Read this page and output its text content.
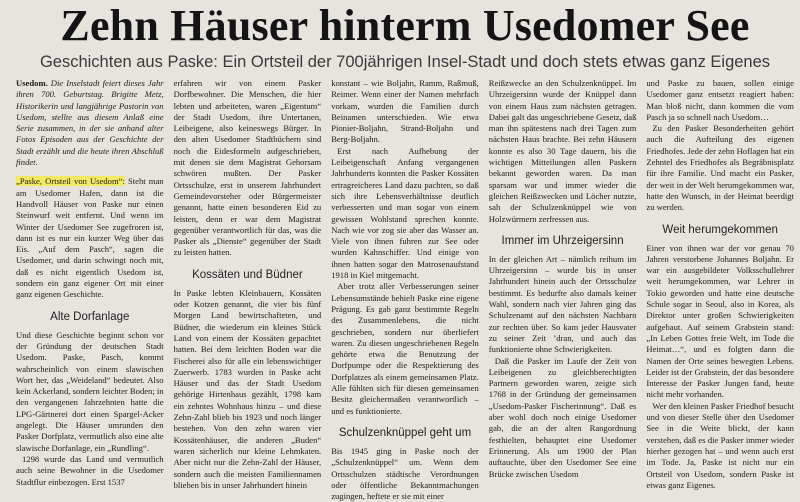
Zehn Häuser hinterm Usedomer See
Geschichten aus Paske: Ein Ortsteil der 700jährigen Insel-Stadt und doch stets etwas ganz Eigenes

Usedom. Die Inselstadt feiert dieses Jahr ihren 700. Geburtstag. Brigitte Metz, Historikerin und langjährige Pastorin von Usedom, stellte aus diesem Anlaß eine Serie zusammen, in der sie anhand alter Fotos Episoden aus der Geschichte der Stadt erzählt und die heute ihren Abschluß findet.

„Paske, Ortsteil von Usedom“: Steht man am Usedomer Hafen, dann ist die Handvoll Häuser von Paske nur einen Steinwurf weit entfernt. Und wenn im Winter der Usedomer See zugefroren ist, dann ist es nur ein kurzer Weg über das Eis. „Auf dem Pasch“, sagen die Usedomer, und darin schwingt noch mit, daß es nicht eigentlich Usedom ist, sondern ein ganz eigener Ort mit einer ganz eigenen Geschichte.

Alte Dorfanlage

Und diese Geschichte beginnt schon vor der Gründung der deutschen Stadt Usedom. Paske, Pasch, kommt wahrscheinlich von einem slawischen Wort her, das „Weideland“ bedeutet. Also kein Ackerland, sondern leichter Boden; in den vergangenen Jahrzehnten hatte die LPG-Gärtnerei dort einen Spargel-Acker angelegt. Die Häuser umrunden den Pasker Dorfplatz, vermutlich also eine alte slawische Dorfanlage, ein „Rundling“.

1298 wurde das Land und vermutlich auch seine Bewohner in die Usedomer Stadtflur einbezogen. Erst 1537

erfahren wir von einem Pasker Dorfbewohner. Die Menschen, die hier lebten und arbeiteten, waren „Eigentum“ der Stadt Usedom, ihre Untertanen, Leibeigene, also keineswegs Bürger. In den alten Usedomer Stadtbüchern sind noch die Eidesformeln aufgeschrieben, mit denen sie dem Magistrat Gehorsam schwören mußten. Der Pasker Ortsschulze, erst in unserem Jahrhundert Gemeindevorsteher oder Bürgermeister genannt, hatte einen besonderen Eid zu leisten, denn er war dem Magistrat gegenüber verantwortlich für das, was die Pasker als „Dienste“ gegenüber der Stadt zu leisten hatten.

Kossäten und Büdner

In Paske lebten Kleinbauern, Kossäten oder Kotzen genannt, die vier bis fünf Morgen Land bewirtschafteten, und Büdner, die wiederum ein kleines Stück Land von einem der Kossäten gepachtet hatten. Bei dem leichten Boden war die Fischerei also für alle ein lebenswichtiger Zuerwerb. 1783 wurden in Paske acht Häuser und das der Stadt Usedom gehörige Hirtenhaus gezählt, 1798 kam ein zehntes Wohnhaus hinzu – und diese Zehn-Zahl blieb bis 1923 und noch länger bestehen. Von den zehn waren vier Kossätenhäuser, die anderen „Buden“ waren sicherlich nur kleine Lehmkaten. Aber nicht nur die Zehn-Zahl der Häuser, sondern auch die meisten Familiennamen blieben bis in unser Jahrhundert hinein

konstant – wie Boljahn, Ramm, Raßmuß, Reimer. Wenn einer der Namen mehrfach vorkam, wurden die Familien durch Beinamen unterschieden. Wie etwa Pionier-Boljahn, Strand-Boljahn und Berg-Boljahn.

Erst nach Aufhebung der Leibeigenschaft Anfang vergangenen Jahrhunderts konnten die Pasker Kossäten ertragreicheres Land dazu pachten, so daß sich ihre Lebensverhältnisse deutlich verbesserten und man sogar von einem gewissen Wohlstand sprechen konnte. Nach wie vor zog sie aber das Wasser an. Viele von ihnen fuhren zur See oder wurden Kahnschiffer. Und einige von ihnen hatten sogar den Matrosenaufstand 1918 in Kiel mitgemacht.

Aber trotz aller Verbesserungen seiner Lebensumstände behielt Paske eine eigene Prägung. Es gab ganz bestimmte Regeln des Zusammenlebens, die nicht geschrieben, sondern nur überliefert waren. Zu diesen ungeschriebenen Regeln gehörte etwa die Benutzung der Dorfpumpe oder die Respektierung des Dorfplatzes als einem gemeinsamen Platz. Alle fühlten sich für diesen gemeinsamen Besitz gleichermaßen verantwortlich – und es funktionierte.

Schulzenknüppel geht um

Bis 1945 ging in Paske noch der „Schulzenknüppel“ um. Wenn dem Ortsschulzen städtische Verordnungen oder öffentliche Bekanntmachungen zugingen, heftete er sie mit einer

Reißzwecke an den Schulzenknüppel. Im Uhrzeigersinn wurde der Knüppel dann von einem Haus zum nächsten getragen. Dabei galt das ungeschriebene Gesetz, daß man ihn spätestens nach drei Tagen zum nächsten Haus brachte. Bei zehn Häusern konnte es also 30 Tage dauern, bis die wichtigen Mitteilungen allen Paskern bekannt geworden waren. Da man sparsam war und immer wieder die gleichen Reißzwecken und Löcher nutzte, sah der Schulzenknüppel wie von Holzwürmern zerfressen aus.

Immer im Uhrzeigersinn

In der gleichen Art – nämlich reihum im Uhrzeigersinn – wurde bis in unser Jahrhundert hinein auch der Ortsschulze bestimmt. Es bedurfte also damals keiner Wahl, sondern nach vier Jahren ging das Schulzenamt auf den nächsten Nachbarn zur rechten über. So kam jeder Hausvater zu seiner Zeit ’dran, und auch das funktionierte ohne Schwierigkeiten.

Daß die Pasker im Laufe der Zeit von Leibeigenen zu gleichberechtigten Partnern geworden waren, zeigte sich 1768 in der Gründung der gemeinsamen „Usedom-Pasker Fischerinnung“. Daß es aber wohl doch noch einige Usedomer gab, die an der alten Rangordnung festhielten, behauptet eine Usedomer Erinnerung. Als um 1900 der Plan auftauchte, über den Usedomer See eine Brücke zwischen Usedom

und Paske zu bauen, sollen einige Usedomer ganz entsetzt reagiert haben: Man bloß nicht, dann kommen die vom Pasch ja so schnell nach Usedom…

Zu den Pasker Besonderheiten gehört auch die Aufteilung des eigenen Friedhofes. Jede der zehn Hoflagen hat ein Zehntel des Friedhofes als Begräbnisplatz für ihre Familie. Und macht ein Pasker, der weit in der Welt herumgekommen war, hatte den Wunsch, in der Heimat beerdigt zu werden.

Weit herumgekommen

Einer von ihnen war der vor genau 70 Jahren verstorbene Johannes Boljahn. Er war ein ausgebildeter Volksschullehrer weit herumgekommen, war Lehrer in Tokio geworden und hatte eine deutsche Schule sogar in Seoul, also in Korea, als Direktor unter großen Schwierigkeiten aufgebaut. Auf seinem Grabstein stand: „In Leben Gottes freie Welt, im Tode die Heimat…“, und es folgten dann die Namen der Orte seines bewegten Lebens. Leider ist der Grabstein, der das besondere Interesse der Pasker Jungen fand, heute nicht mehr vorhanden.

Wer den kleinen Pasker Friedhof besucht und von dieser Stelle über den Usedomer See in die Weite blickt, der kann verstehen, daß es die Pasker immer wieder hierher gezogen hat – und wenn auch erst im Tode. Ja, Paske ist nicht nur ein Ortsteil von Usedom, sondern Paske ist etwas ganz Eigenes.
